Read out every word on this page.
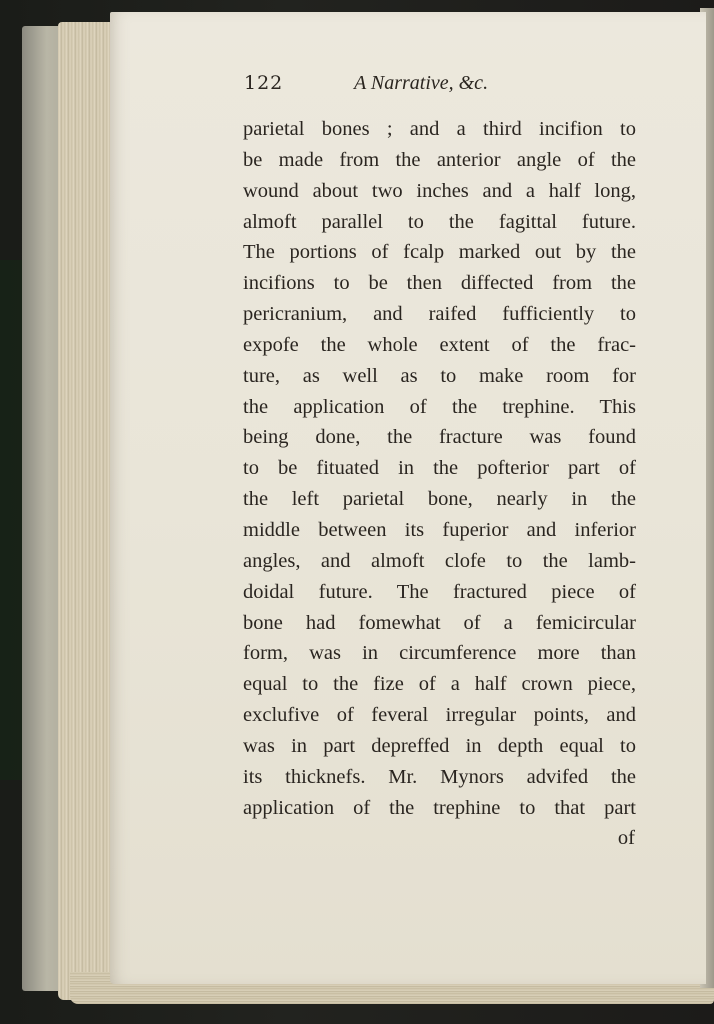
122	A Narrative, &c.
parietal bones ; and a third incifion to
be made from the anterior angle of the
wound about two inches and a half long,
almoft parallel to the fagittal future.
The portions of fcalp marked out by the
incifions to be then diffected from the
pericranium, and raifed fufficiently to
expofe the whole extent of the frac-
ture, as well as to make room for
the application of the trephine. This
being done, the fracture was found
to be fituated in the pofterior part of
the left parietal bone, nearly in the
middle between its fuperior and inferior
angles, and almoft clofe to the lamb-
doidal future. The fractured piece of
bone had fomewhat of a femicircular
form, was in circumference more than
equal to the fize of a half crown piece,
exclufive of feveral irregular points, and
was in part depreffed in depth equal to
its thicknefs. Mr. Mynors advifed the
application of the trephine to that part
of
